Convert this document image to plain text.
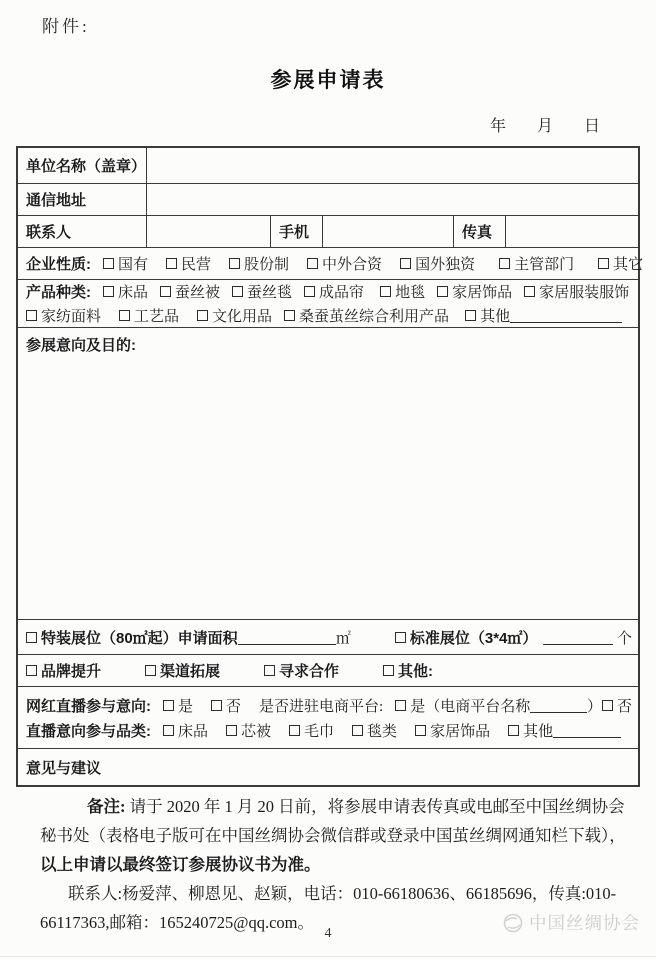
附件:
参展申请表
年 月 日
单位名称（盖章）
通信地址
联系人	手机	传真
企业性质: 国有 民营 股份制 中外合资 国外独资	主管部门	其它
产品种类: 床品 蚕丝被 蚕丝毯 成品帘 地毯 家居饰品 家居服装服饰
家纺面料 工艺品 文化用品 桑蚕茧丝综合利用产品 其他
参展意向及目的:
特装展位（80㎡起）申请面积	㎡	标准展位（3*4㎡）	个
品牌提升	渠道拓展	寻求合作	其他:
网红直播参与意向: 是 否 是否进驻电商平台: 是（电商平台名称	） 否
直播意向参与品类: 床品 芯被 毛巾 毯类 家居饰品 其他
意见与建议
备注: 请于 2020 年 1 月 20 日前，将参展申请表传真或电邮至中国丝绸协会
秘书处（表格电子版可在中国丝绸协会微信群或登录中国茧丝绸网通知栏下载），
以上申请以最终签订参展协议书为准。
联系人:杨爱萍、柳恩见、赵颖，电话：010-66180636、66185696，传真:010-
66117363,邮箱：165240725@qq.com。	中国丝绸协会
4
